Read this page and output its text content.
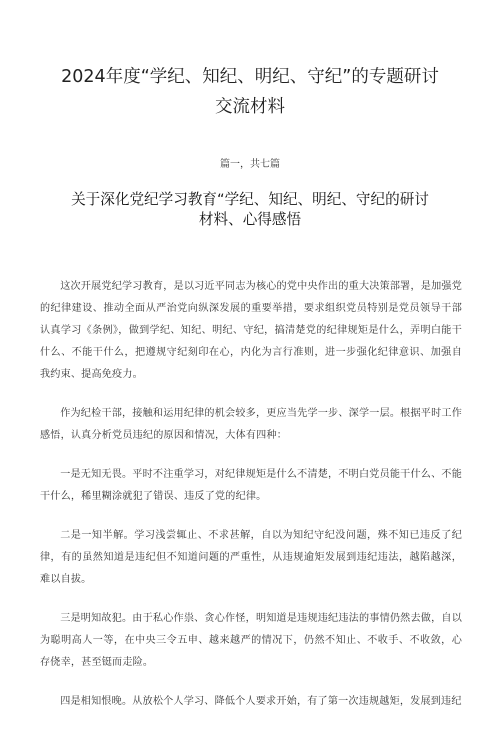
2024年度“学纪、知纪、明纪、守纪”的专题研讨
交流材料
篇一，共七篇
关于深化党纪学习教育“学纪、知纪、明纪、守纪的研讨
材料、心得感悟

这次开展党纪学习教育，是以习近平同志为核心的党中央作出的重大决策部署，是加强党的纪律建设、推动全面从严治党向纵深发展的重要举措，要求组织党员特别是党员领导干部认真学习《条例》，做到学纪、知纪、明纪、守纪，搞清楚党的纪律规矩是什么，弄明白能干什么、不能干什么，把遵规守纪刻印在心，内化为言行准则，进一步强化纪律意识、加强自我约束、提高免疫力。

作为纪检干部，接触和运用纪律的机会较多，更应当先学一步、深学一层。根据平时工作感悟，认真分析党员违纪的原因和情况，大体有四种：

一是无知无畏。平时不注重学习，对纪律规矩是什么不清楚，不明白党员能干什么、不能干什么，稀里糊涂就犯了错误、违反了党的纪律。

二是一知半解。学习浅尝辄止、不求甚解，自以为知纪守纪没问题，殊不知已违反了纪律，有的虽然知道是违纪但不知道问题的严重性，从违规逾矩发展到违纪违法，越陷越深，难以自拔。

三是明知故犯。由于私心作祟、贪心作怪，明知道是违规违纪违法的事情仍然去做，自以为聪明高人一等，在中央三令五申、越来越严的情况下，仍然不知止、不收手、不收敛，心存侥幸，甚至铤而走险。

四是相知恨晚。从放松个人学习、降低个人要求开始，有了第一次违规越矩，发展到违纪
